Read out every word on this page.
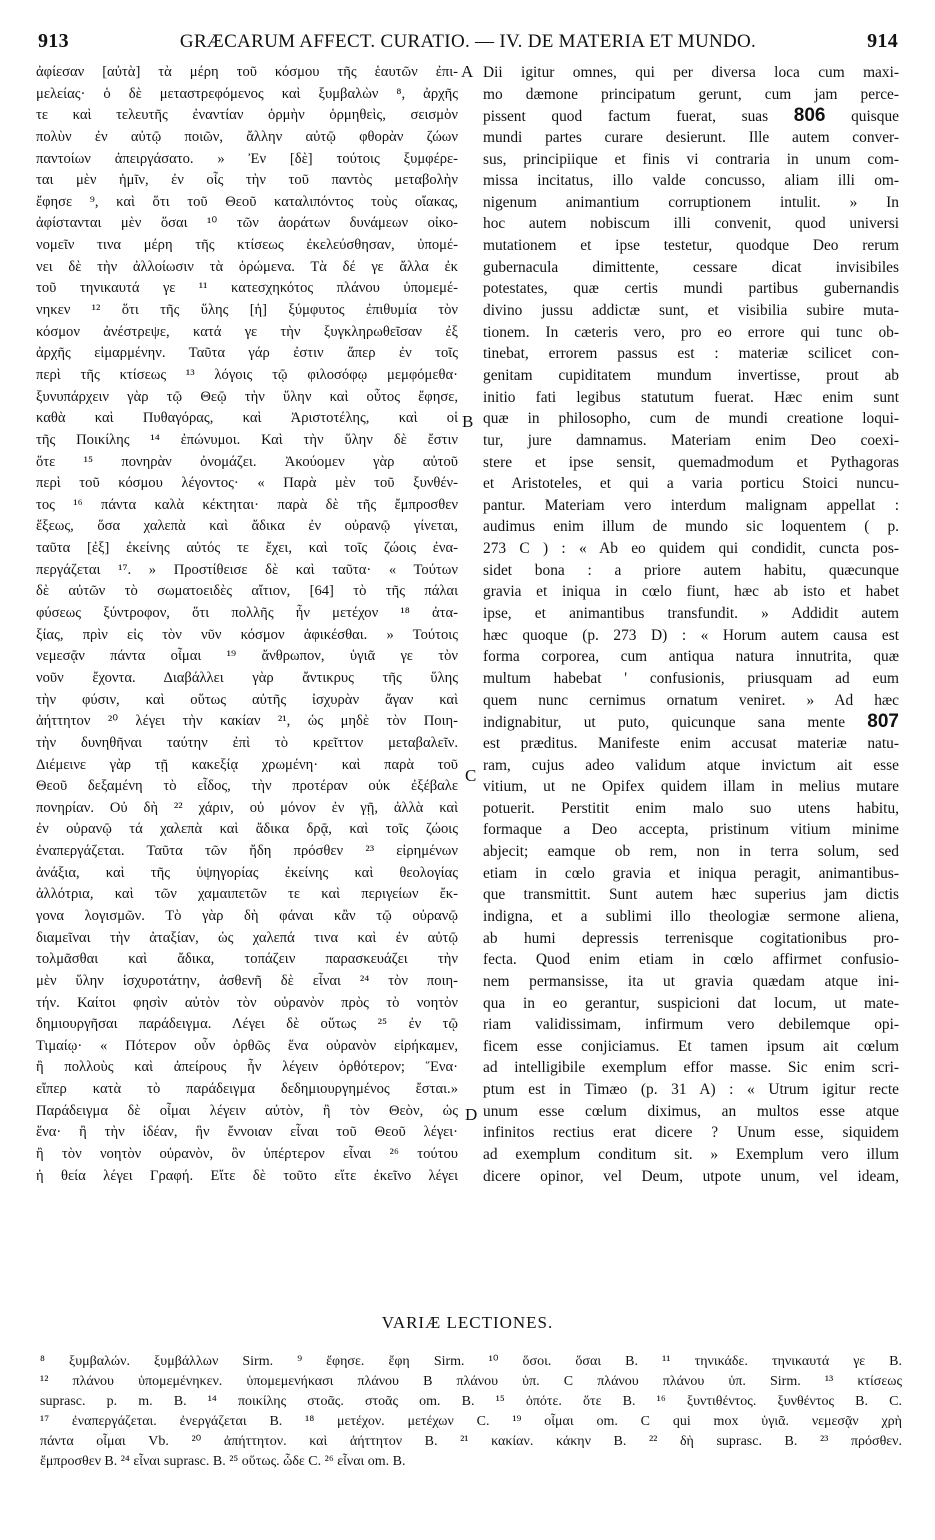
913	GRÆCARUM AFFECT. CURATIO. — IV. DE MATERIA ET MUNDO.	914
ἀφίεσαν [αὐτὰ] τὰ μέρη τοῦ κόσμου τῆς ἑαυτῶν ἐπι-
μελείας· ὁ δὲ μεταστρεφόμενος καὶ ξυμβαλὼν ⁸, ἀρχῆς
τε καὶ τελευτῆς ἐναντίαν ὁρμὴν ὁρμηθεὶς, σεισμὸν
πολὺν ἐν αὐτῷ ποιῶν, ἄλλην αὐτῷ φθορὰν ζώων
παντοίων ἀπειργάσατο. » Ἐν [δὲ] τούτοις ξυμφέρε-
ται μὲν ἡμῖν, ἐν οἷς τὴν τοῦ παντὸς μεταβολὴν
ἔφησε ⁹, καὶ ὅτι τοῦ Θεοῦ καταλιπόντος τοὺς οἴακας,
ἀφίστανται μὲν ὅσαι ¹⁰ τῶν ἀοράτων δυνάμεων οἰκο-
νομεῖν τινα μέρη τῆς κτίσεως ἐκελεύσθησαν, ὑπομέ-
νει δὲ τὴν ἀλλοίωσιν τὰ ὁρώμενα. Τὰ δέ γε ἄλλα ἐκ
τοῦ τηνικαυτά γε ¹¹ κατεσχηκότος πλάνου ὑπομεμέ-
νηκεν ¹² ὅτι τῆς ὕλης [ἡ] ξύμφυτος ἐπιθυμία τὸν
κόσμον ἀνέστρεψε, κατά γε τὴν ξυγκληρωθεῖσαν ἐξ
ἀρχῆς εἱμαρμένην. Ταῦτα γάρ ἐστιν ἅπερ ἐν τοῖς
περὶ τῆς κτίσεως ¹³ λόγοις τῷ φιλοσόφῳ μεμφόμεθα·
ξυνυπάρχειν γὰρ τῷ Θεῷ τὴν ὕλην καὶ οὗτος ἔφησε,
καθὰ καὶ Πυθαγόρας, καὶ Ἀριστοτέλης, καὶ οἱ
τῆς Ποικίλης ¹⁴ ἐπώνυμοι. Καὶ τὴν ὕλην δὲ ἔστιν
ὅτε ¹⁵ πονηρὰν ὀνομάζει. Ἀκούομεν γὰρ αὐτοῦ
περὶ τοῦ κόσμου λέγοντος· « Παρὰ μὲν τοῦ ξυνθέν-
τος ¹⁶ πάντα καλὰ κέκτηται· παρὰ δὲ τῆς ἔμπροσθεν
ἕξεως, ὅσα χαλεπὰ καὶ ἄδικα ἐν οὐρανῷ γίνεται,
ταῦτα [ἐξ] ἐκείνης αὐτός τε ἔχει, καὶ τοῖς ζώοις ἐνα-
περγάζεται ¹⁷. » Προστίθεισε δὲ καὶ ταῦτα· « Τούτων
δὲ αὐτῶν τὸ σωματοειδὲς αἴτιον, [64] τὸ τῆς πάλαι
φύσεως ξύντροφον, ὅτι πολλῆς ἦν μετέχον ¹⁸ ἀτα-
ξίας, πρὶν εἰς τὸν νῦν κόσμον ἀφικέσθαι. » Τούτοις
νεμεσᾷν πάντα οἶμαι ¹⁹ ἄνθρωπον, ὑγιᾶ γε τὸν
νοῦν ἔχοντα. Διαβάλλει γὰρ ἄντικρυς τῆς ὕλης
τὴν φύσιν, καὶ οὕτως αὐτῆς ἰσχυρὰν ἄγαν καὶ
ἀήττητον ²⁰ λέγει τὴν κακίαν ²¹, ὡς μηδὲ τὸν Ποιη-
τὴν δυνηθῆναι ταύτην ἐπὶ τὸ κρεῖττον μεταβαλεῖν.
Διέμεινε γὰρ τῇ κακεξίᾳ χρωμένη· καὶ παρὰ τοῦ
Θεοῦ δεξαμένη τὸ εἶδος, τὴν προτέραν οὐκ ἐξέβαλε
πονηρίαν. Οὐ δὴ ²² χάριν, οὐ μόνον ἐν γῇ, ἀλλὰ καὶ
ἐν οὐρανῷ τά χαλεπὰ καὶ ἄδικα δρᾷ, καὶ τοῖς ζώοις
ἐναπεργάζεται. Ταῦτα τῶν ἤδη πρόσθεν ²³ εἰρημένων
ἀνάξια, καὶ τῆς ὑψηγορίας ἐκείνης καὶ θεολογίας
ἀλλότρια, καὶ τῶν χαμαιπετῶν τε καὶ περιγείων ἔκ-
γονα λογισμῶν. Τὸ γὰρ δὴ φάναι κἂν τῷ οὐρανῷ
διαμεῖναι τὴν ἀταξίαν, ὡς χαλεπά τινα καὶ ἐν αὐτῷ
τολμᾶσθαι καὶ ἄδικα, τοπάζειν παρασκευάζει τὴν
μὲν ὕλην ἰσχυροτάτην, ἀσθενῆ δὲ εἶναι ²⁴ τὸν ποιη-
τήν. Καίτοι φησὶν αὐτὸν τὸν οὐρανὸν πρὸς τὸ νοητὸν
δημιουργῆσαι παράδειγμα. Λέγει δὲ οὕτως ²⁵ ἐν τῷ
Τιμαίῳ· « Πότερον οὖν ὀρθῶς ἕνα οὐρανὸν εἰρήκαμεν,
ἢ πολλοὺς καὶ ἀπείρους ἦν λέγειν ὀρθότερον; Ἕνα·
εἴπερ κατὰ τὸ παράδειγμα δεδημιουργημένος ἔσται.»
Παράδειγμα δὲ οἶμαι λέγειν αὐτὸν, ἢ τὸν Θεὸν, ὡς
ἕνα· ἢ τὴν ἰδέαν, ἣν ἔννοιαν εἶναι τοῦ Θεοῦ λέγει·
ἢ τὸν νοητὸν οὐρανὸν, ὃν ὑπέρτερον εἶναι ²⁶ τούτου
ἡ θεία λέγει Γραφή. Εἴτε δὲ τοῦτο εἴτε ἐκεῖνο λέγει
Dii igitur omnes, qui per diversa loca cum maxi-
mo dæmone principatum gerunt, cum jam perce-
pissent quod factum fuerat, suas 806 quisque
mundi partes curare desierunt. Ille autem conver-
sus, principiique et finis vi contraria in unum com-
missa incitatus, illo valde concusso, aliam illi om-
nigenum animantium corruptionem intulit. » In
hoc autem nobiscum illi convenit, quod universi
mutationem et ipse testetur, quodque Deo rerum
gubernacula dimittente, cessare dicat invisibiles
potestates, quæ certis mundi partibus gubernandis
divino jussu addictæ sunt, et visibilia subire muta-
tionem. In cæteris vero, pro eo errore qui tunc ob-
tinebat, errorem passus est : materiæ scilicet con-
genitam cupiditatem mundum invertisse, prout ab
initio fati legibus statutum fuerat. Hæc enim sunt
quæ in philosopho, cum de mundi creatione loqui-
tur, jure damnamus. Materiam enim Deo coexi-
stere et ipse sensit, quemadmodum et Pythagoras
et Aristoteles, et qui a varia porticu Stoici nuncu-
pantur. Materiam vero interdum malignam appellat :
audimus enim illum de mundo sic loquentem ( p.
273 C ) : « Ab eo quidem qui condidit, cuncta pos-
sidet bona : a priore autem habitu, quæcunque
gravia et iniqua in cœlo fiunt, hæc ab isto et habet
ipse, et animantibus transfundit. » Addidit autem
hæc quoque (p. 273 D) : « Horum autem causa est
forma corporea, cum antiqua natura innutrita, quæ
multum habebat ' confusionis, priusquam ad eum
quem nunc cernimus ornatum veniret. » Ad hæc
indignabitur, ut puto, quicunque sana mente 807
est præditus. Manifeste enim accusat materiæ natu-
ram, cujus adeo validum atque invictum ait esse
vitium, ut ne Opifex quidem illam in melius mutare
potuerit. Perstitit enim malo suo utens habitu,
formaque a Deo accepta, pristinum vitium minime
abjecit; eamque ob rem, non in terra solum, sed
etiam in cœlo gravia et iniqua peragit, animantibus-
que transmittit. Sunt autem hæc superius jam dictis
indigna, et a sublimi illo theologiæ sermone aliena,
ab humi depressis terrenisque cogitationibus pro-
fecta. Quod enim etiam in cœlo affirmet confusio-
nem permansisse, ita ut gravia quædam atque ini-
qua in eo gerantur, suspicioni dat locum, ut mate-
riam validissimam, infirmum vero debilemque opi-
ficem esse conjiciamus. Et tamen ipsum ait cœlum
ad intelligibile exemplum effor masse. Sic enim scri-
ptum est in Timæo (p. 31 A) : « Utrum igitur recte
unum esse cœlum diximus, an multos esse atque
infinitos rectius erat dicere ? Unum esse, siquidem
ad exemplum conditum sit. » Exemplum vero illum
dicere opinor, vel Deum, utpote unum, vel ideam,
A
B
C
D
VARIÆ LECTIONES.
⁸ ξυμβαλών. ξυμβάλλων Sirm. ⁹ ἔφησε. ἔφη Sirm. ¹⁰ ὅσοι. ὅσαι B. ¹¹ τηνικάδε. τηνικαυτά γε B.
¹² πλάνου ὑπομεμένηκεν. ὑπομεμενήκασι πλάνου B πλάνου ὑπ. C πλάνου πλάνου ὑπ. Sirm. ¹³ κτίσεως
suprasc. p. m. B. ¹⁴ ποικίλης στοᾶς. στοᾶς om. B. ¹⁵ ὁπότε. ὅτε B. ¹⁶ ξυντιθέντος. ξυνθέντος B. C.
¹⁷ ἐναπεργάζεται. ἐνεργάζεται B. ¹⁸ μετέχον. μετέχων C. ¹⁹ οἶμαι om. C qui mox ὑγιᾶ. νεμεσᾷν χρὴ
πάντα οἶμαι Vb. ²⁰ ἀπήττητον. καὶ ἀήττητον B. ²¹ κακίαν. κάκην B. ²² δὴ suprasc. B. ²³ πρόσθεν.
ἔμπροσθεν B. ²⁴ εἶναι suprasc. B. ²⁵ οὕτως. ὧδε C. ²⁶ εἶναι om. B.
